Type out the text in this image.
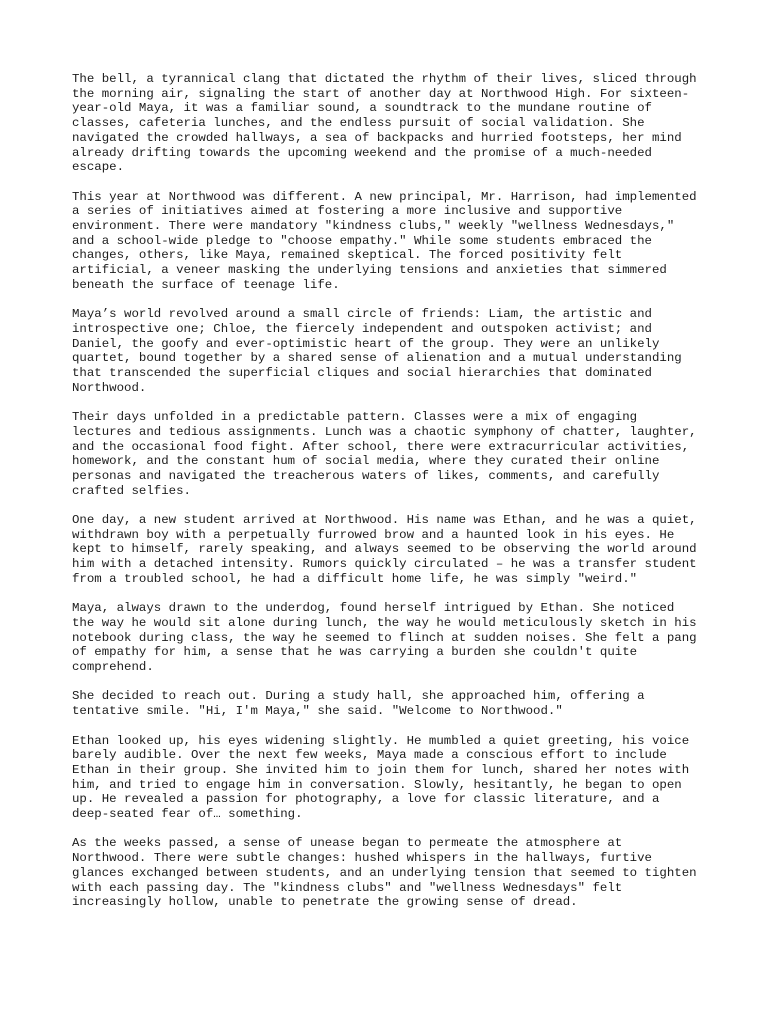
The bell, a tyrannical clang that dictated the rhythm of their lives, sliced through the morning air, signaling the start of another day at Northwood High. For sixteen-year-old Maya, it was a familiar sound, a soundtrack to the mundane routine of classes, cafeteria lunches, and the endless pursuit of social validation. She navigated the crowded hallways, a sea of backpacks and hurried footsteps, her mind already drifting towards the upcoming weekend and the promise of a much-needed escape.

This year at Northwood was different. A new principal, Mr. Harrison, had implemented a series of initiatives aimed at fostering a more inclusive and supportive environment. There were mandatory "kindness clubs," weekly "wellness Wednesdays," and a school-wide pledge to "choose empathy." While some students embraced the changes, others, like Maya, remained skeptical. The forced positivity felt artificial, a veneer masking the underlying tensions and anxieties that simmered beneath the surface of teenage life.

Maya’s world revolved around a small circle of friends: Liam, the artistic and introspective one; Chloe, the fiercely independent and outspoken activist; and Daniel, the goofy and ever-optimistic heart of the group. They were an unlikely quartet, bound together by a shared sense of alienation and a mutual understanding that transcended the superficial cliques and social hierarchies that dominated Northwood.

Their days unfolded in a predictable pattern. Classes were a mix of engaging lectures and tedious assignments. Lunch was a chaotic symphony of chatter, laughter, and the occasional food fight. After school, there were extracurricular activities, homework, and the constant hum of social media, where they curated their online personas and navigated the treacherous waters of likes, comments, and carefully crafted selfies.

One day, a new student arrived at Northwood. His name was Ethan, and he was a quiet, withdrawn boy with a perpetually furrowed brow and a haunted look in his eyes. He kept to himself, rarely speaking, and always seemed to be observing the world around him with a detached intensity. Rumors quickly circulated – he was a transfer student from a troubled school, he had a difficult home life, he was simply "weird."

Maya, always drawn to the underdog, found herself intrigued by Ethan. She noticed the way he would sit alone during lunch, the way he would meticulously sketch in his notebook during class, the way he seemed to flinch at sudden noises. She felt a pang of empathy for him, a sense that he was carrying a burden she couldn't quite comprehend.

She decided to reach out. During a study hall, she approached him, offering a tentative smile. "Hi, I'm Maya," she said. "Welcome to Northwood."

Ethan looked up, his eyes widening slightly. He mumbled a quiet greeting, his voice barely audible. Over the next few weeks, Maya made a conscious effort to include Ethan in their group. She invited him to join them for lunch, shared her notes with him, and tried to engage him in conversation. Slowly, hesitantly, he began to open up. He revealed a passion for photography, a love for classic literature, and a deep-seated fear of… something.

As the weeks passed, a sense of unease began to permeate the atmosphere at Northwood. There were subtle changes: hushed whispers in the hallways, furtive glances exchanged between students, and an underlying tension that seemed to tighten with each passing day. The "kindness clubs" and "wellness Wednesdays" felt increasingly hollow, unable to penetrate the growing sense of dread.
